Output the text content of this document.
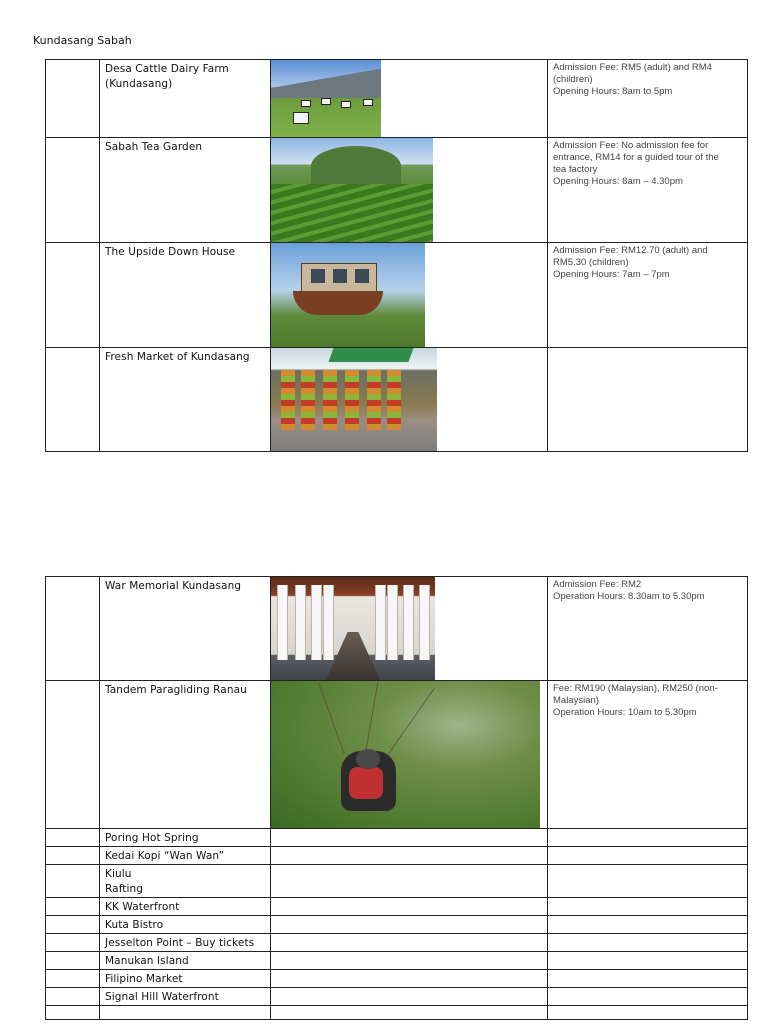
Kundasang Sabah

	Desa Cattle Dairy Farm
(Kundasang)		Admission Fee: RM5 (adult) and RM4
(children)
Opening Hours: 8am to 5pm

	Sabah Tea Garden		Admission Fee: No admission fee for
entrance, RM14 for a guided tour of the
tea factory
Opening Hours: 8am – 4.30pm

	The Upside Down House		Admission Fee: RM12.70 (adult) and
RM5.30 (children)
Opening Hours: 7am – 7pm

	Fresh Market of Kundasang		

	War Memorial Kundasang		Admission Fee: RM2
Operation Hours: 8.30am to 5.30pm

	Tandem Paragliding Ranau		Fee: RM190 (Malaysian), RM250 (non-
Malaysian)
Operation Hours: 10am to 5.30pm

	Poring Hot Spring		

	Kedai Kopi “Wan Wan”		

	Kiulu
Rafting		

	KK Waterfront		

	Kuta Bistro		

	Jesselton Point – Buy tickets		

	Manukan Island		

	Filipino Market		

	Signal Hill Waterfront		
